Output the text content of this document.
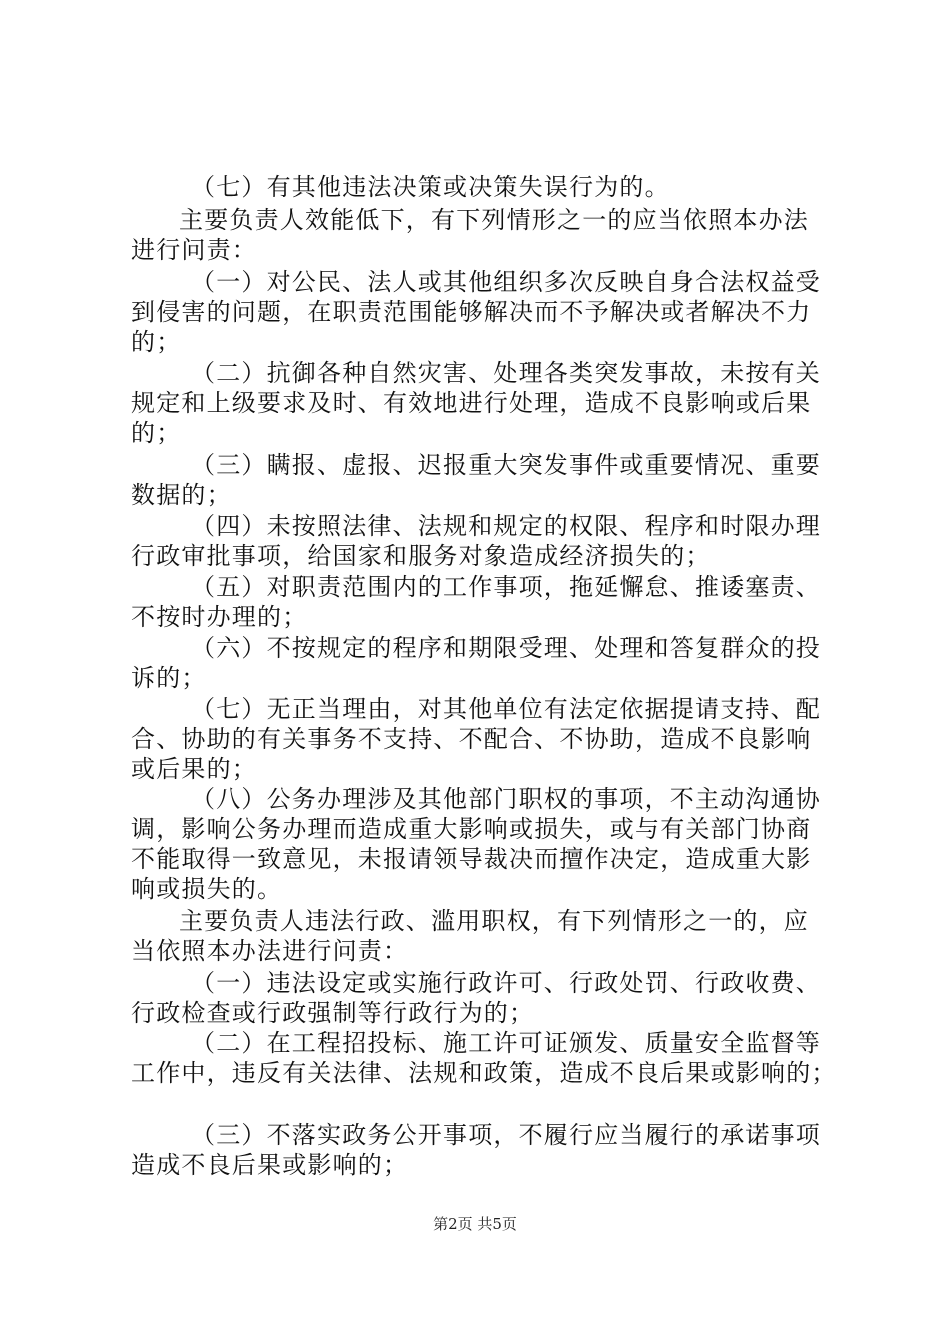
（七）有其他违法决策或决策失误行为的。
主要负责人效能低下，有下列情形之一的应当依照本办法
进行问责：
（一）对公民、法人或其他组织多次反映自身合法权益受
到侵害的问题，在职责范围能够解决而不予解决或者解决不力
的；
（二）抗御各种自然灾害、处理各类突发事故，未按有关
规定和上级要求及时、有效地进行处理，造成不良影响或后果
的；
（三）瞒报、虚报、迟报重大突发事件或重要情况、重要
数据的；
（四）未按照法律、法规和规定的权限、程序和时限办理
行政审批事项，给国家和服务对象造成经济损失的；
（五）对职责范围内的工作事项，拖延懈怠、推诿塞责、
不按时办理的；
（六）不按规定的程序和期限受理、处理和答复群众的投
诉的；
（七）无正当理由，对其他单位有法定依据提请支持、配
合、协助的有关事务不支持、不配合、不协助，造成不良影响
或后果的；
（八）公务办理涉及其他部门职权的事项，不主动沟通协
调，影响公务办理而造成重大影响或损失，或与有关部门协商
不能取得一致意见，未报请领导裁决而擅作决定，造成重大影
响或损失的。
主要负责人违法行政、滥用职权，有下列情形之一的，应
当依照本办法进行问责：
（一）违法设定或实施行政许可、行政处罚、行政收费、
行政检查或行政强制等行政行为的；
（二）在工程招投标、施工许可证颁发、质量安全监督等
工作中，违反有关法律、法规和政策，造成不良后果或影响的；
（三）不落实政务公开事项，不履行应当履行的承诺事项
造成不良后果或影响的；
第2页 共5页
